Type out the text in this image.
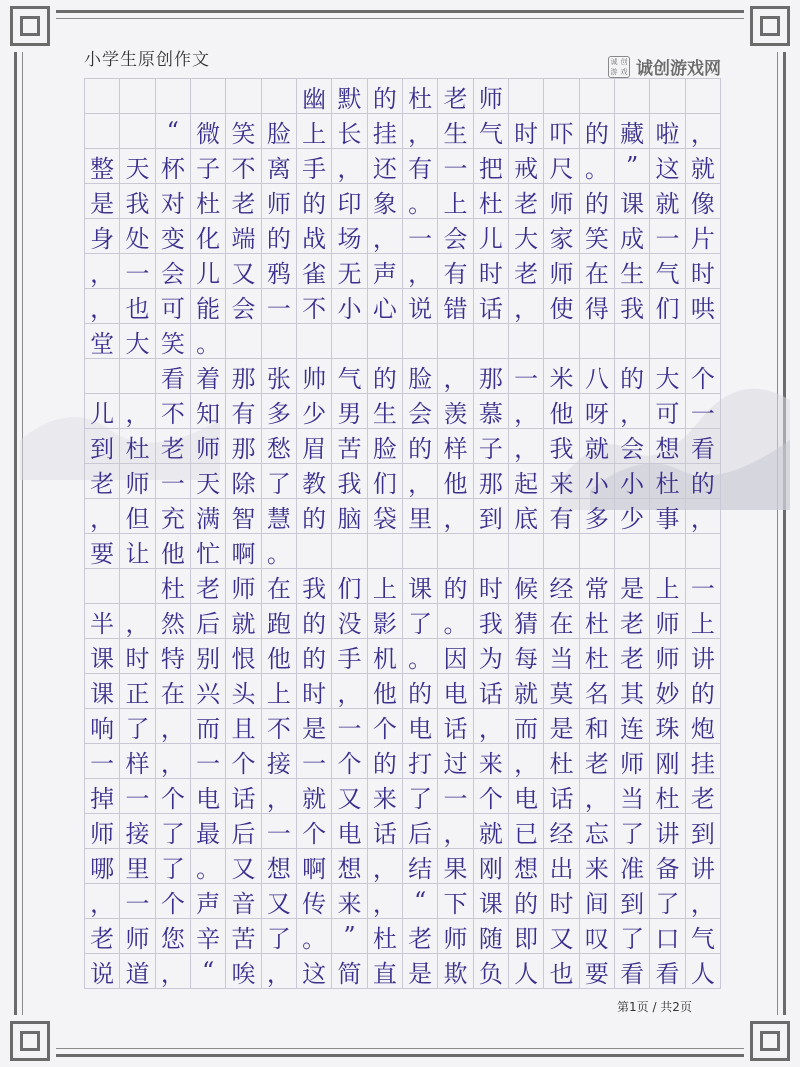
小学生原创作文	诚 创
游 戏 诚创游戏网
幽 默 的 杜 老 师
“ 微 笑 脸 上 长 挂 ， 生 气 时 吓 的 藏 啦 ，
整 天 杯 子 不 离 手 ， 还 有 一 把 戒 尺 。 ” 这 就
是 我 对 杜 老 师 的 印 象 。 上 杜 老 师 的 课 就 像
身 处 变 化 端 的 战 场 ， 一 会 儿 大 家 笑 成 一 片
， 一 会 儿 又 鸦 雀 无 声 ， 有 时 老 师 在 生 气 时
， 也 可 能 会 一 不 小 心 说 错 话 ， 使 得 我 们 哄
堂 大 笑 。
看 着 那 张 帅 气 的 脸 ， 那 一 米 八 的 大 个
儿 ， 不 知 有 多 少 男 生 会 羡 慕 ， 他 呀 ， 可 一
到 杜 老 师 那 愁 眉 苦 脸 的 样 子 ， 我 就 会 想 看
老 师 一 天 除 了 教 我 们 ， 他 那 起 来 小 小 杜 的
， 但 充 满 智 慧 的 脑 袋 里 ， 到 底 有 多 少 事 ，
要 让 他 忙 啊 。
杜 老 师 在 我 们 上 课 的 时 候 经 常 是 上 一
半 ， 然 后 就 跑 的 没 影 了 。 我 猜 在 杜 老 师 上
课 时 特 别 恨 他 的 手 机 。 因 为 每 当 杜 老 师 讲
课 正 在 兴 头 上 时 ， 他 的 电 话 就 莫 名 其 妙 的
响 了 ， 而 且 不 是 一 个 电 话 ， 而 是 和 连 珠 炮
一 样 ， 一 个 接 一 个 的 打 过 来 ， 杜 老 师 刚 挂
掉 一 个 电 话 ， 就 又 来 了 一 个 电 话 ， 当 杜 老
师 接 了 最 后 一 个 电 话 后 ， 就 已 经 忘 了 讲 到
哪 里 了 。 又 想 啊 想 ， 结 果 刚 想 出 来 准 备 讲
， 一 个 声 音 又 传 来 ， “ 下 课 的 时 间 到 了 ，
老 师 您 辛 苦 了 。 ” 杜 老 师 随 即 又 叹 了 口 气
说 道 ， “ 唉 ， 这 简 直 是 欺 负 人 也 要 看 看 人
第1页 / 共2页
